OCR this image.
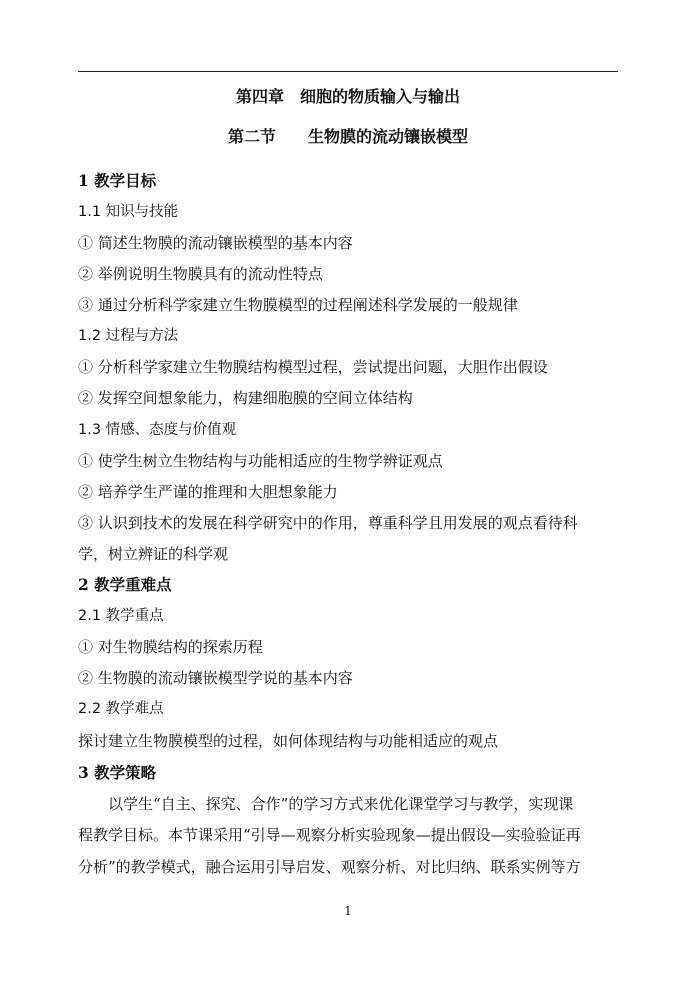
第四章　细胞的物质输入与输出
第二节　　生物膜的流动镶嵌模型
1 教学目标
1.1 知识与技能
① 简述生物膜的流动镶嵌模型的基本内容
② 举例说明生物膜具有的流动性特点
③ 通过分析科学家建立生物膜模型的过程阐述科学发展的一般规律
1.2 过程与方法
① 分析科学家建立生物膜结构模型过程，尝试提出问题，大胆作出假设
② 发挥空间想象能力，构建细胞膜的空间立体结构
1.3 情感、态度与价值观
① 使学生树立生物结构与功能相适应的生物学辨证观点
② 培养学生严谨的推理和大胆想象能力
③ 认识到技术的发展在科学研究中的作用，尊重科学且用发展的观点看待科
学，树立辨证的科学观
2 教学重难点
2.1 教学重点
① 对生物膜结构的探索历程
② 生物膜的流动镶嵌模型学说的基本内容
2.2 教学难点
探讨建立生物膜模型的过程，如何体现结构与功能相适应的观点
3 教学策略

　　以学生“自主、探究、合作”的学习方式来优化课堂学习与教学，实现课

程教学目标。本节课采用“引导—观察分析实验现象—提出假设—实验验证再

分析”的教学模式，融合运用引导启发、观察分析、对比归纳、联系实例等方

1
